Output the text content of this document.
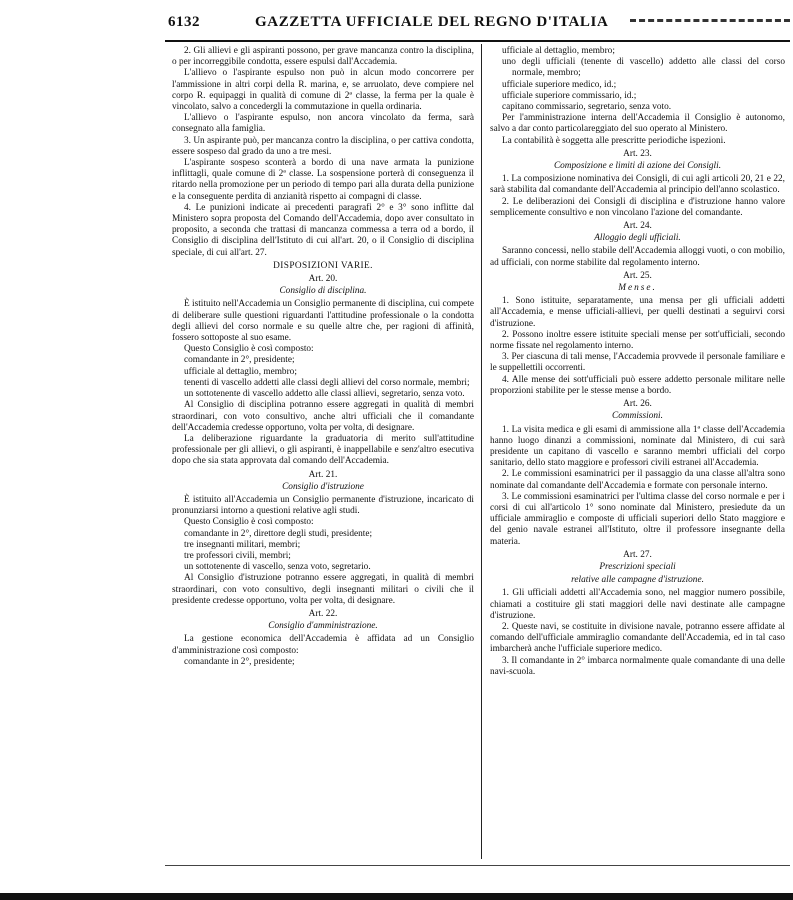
6132	GAZZETTA UFFICIALE DEL REGNO D'ITALIA

2. Gli allievi e gli aspiranti possono, per grave mancanza contro la disciplina, o per incorreggibile condotta, essere espulsi dall'Accademia.

L'allievo o l'aspirante espulso non può in alcun modo concorrere per l'ammissione in altri corpi della R. marina, e, se arruolato, deve compiere nel corpo R. equipaggi in qualità di comune di 2ª classe, la ferma per la quale è vincolato, salvo a concedergli la commutazione in quella ordinaria.

L'allievo o l'aspirante espulso, non ancora vincolato da ferma, sarà consegnato alla famiglia.

3. Un aspirante può, per mancanza contro la disciplina, o per cattiva condotta, essere sospeso dal grado da uno a tre mesi.

L'aspirante sospeso sconterà a bordo di una nave armata la punizione inflittagli, quale comune di 2ª classe. La sospensione porterà di conseguenza il ritardo nella promozione per un periodo di tempo pari alla durata della punizione e la conseguente perdita di anzianità rispetto ai compagni di classe.

4. Le punizioni indicate ai precedenti paragrafi 2° e 3° sono inflitte dal Ministero sopra proposta del Comando dell'Accademia, dopo aver consultato in proposito, a seconda che trattasi di mancanza commessa a terra od a bordo, il Consiglio di disciplina dell'Istituto di cui all'art. 20, o il Consiglio di disciplina speciale, di cui all'art. 27.

DISPOSIZIONI VARIE.

Art. 20.

Consiglio di disciplina.

È istituito nell'Accademia un Consiglio permanente di disciplina, cui compete di deliberare sulle questioni riguardanti l'attitudine professionale o la condotta degli allievi del corso normale e su quelle altre che, per ragioni di affinità, fossero sottoposte al suo esame.

Questo Consiglio è così composto:

comandante in 2°, presidente;

ufficiale al dettaglio, membro;

tenenti di vascello addetti alle classi degli allievi del corso normale, membri;

un sottotenente di vascello addetto alle classi allievi, segretario, senza voto.

Al Consiglio di disciplina potranno essere aggregati in qualità di membri straordinari, con voto consultivo, anche altri ufficiali che il comandante dell'Accademia credesse opportuno, volta per volta, di designare.

La deliberazione riguardante la graduatoria di merito sull'attitudine professionale per gli allievi, o gli aspiranti, è inappellabile e senz'altro esecutiva dopo che sia stata approvata dal comando dell'Accademia.

Art. 21.

Consiglio d'istruzione

È istituito all'Accademia un Consiglio permanente d'istruzione, incaricato di pronunziarsi intorno a questioni relative agli studi.

Questo Consiglio è così composto:

comandante in 2°, direttore degli studi, presidente;

tre insegnanti militari, membri;

tre professori civili, membri;

un sottotenente di vascello, senza voto, segretario.

Al Consiglio d'istruzione potranno essere aggregati, in qualità di membri straordinari, con voto consultivo, degli insegnanti militari o civili che il presidente credesse opportuno, volta per volta, di designare.

Art. 22.

Consiglio d'amministrazione.

La gestione economica dell'Accademia è affidata ad un Consiglio d'amministrazione così composto:

comandante in 2°, presidente;

ufficiale al dettaglio, membro;

uno degli ufficiali (tenente di vascello) addetto alle classi del corso normale, membro;

ufficiale superiore medico, id.;

ufficiale superiore commissario, id.;

capitano commissario, segretario, senza voto.

Per l'amministrazione interna dell'Accademia il Consiglio è autonomo, salvo a dar conto particolareggiato del suo operato al Ministero.

La contabilità è soggetta alle prescritte periodiche ispezioni.

Art. 23.

Composizione e limiti di azione dei Consigli.

1. La composizione nominativa dei Consigli, di cui agli articoli 20, 21 e 22, sarà stabilita dal comandante dell'Accademia al principio dell'anno scolastico.

2. Le deliberazioni dei Consigli di disciplina e d'istruzione hanno valore semplicemente consultivo e non vincolano l'azione del comandante.

Art. 24.

Alloggio degli ufficiali.

Saranno concessi, nello stabile dell'Accademia alloggi vuoti, o con mobilio, ad ufficiali, con norme stabilite dal regolamento interno.

Art. 25.

Mense.

1. Sono istituite, separatamente, una mensa per gli ufficiali addetti all'Accademia, e mense ufficiali-allievi, per quelli destinati a seguirvi corsi d'istruzione.

2. Possono inoltre essere istituite speciali mense per sott'ufficiali, secondo norme fissate nel regolamento interno.

3. Per ciascuna di tali mense, l'Accademia provvede il personale familiare e le suppellettili occorrenti.

4. Alle mense dei sott'ufficiali può essere addetto personale militare nelle proporzioni stabilite per le stesse mense a bordo.

Art. 26.

Commissioni.

1. La visita medica e gli esami di ammissione alla 1ª classe dell'Accademia hanno luogo dinanzi a commissioni, nominate dal Ministero, di cui sarà presidente un capitano di vascello e saranno membri ufficiali del corpo sanitario, dello stato maggiore e professori civili estranei all'Accademia.

2. Le commissioni esaminatrici per il passaggio da una classe all'altra sono nominate dal comandante dell'Accademia e formate con personale interno.

3. Le commissioni esaminatrici per l'ultima classe del corso normale e per i corsi di cui all'articolo 1° sono nominate dal Ministero, presiedute da un ufficiale ammiraglio e composte di ufficiali superiori dello Stato maggiore e del genio navale estranei all'Istituto, oltre il professore insegnante della materia.

Art. 27.

Prescrizioni speciali

relative alle campagne d'istruzione.

1. Gli ufficiali addetti all'Accademia sono, nel maggior numero possibile, chiamati a costituire gli stati maggiori delle navi destinate alle campagne d'istruzione.

2. Queste navi, se costituite in divisione navale, potranno essere affidate al comando dell'ufficiale ammiraglio comandante dell'Accademia, ed in tal caso imbarcherà anche l'ufficiale superiore medico.

3. Il comandante in 2° imbarca normalmente quale comandante di una delle navi-scuola.
